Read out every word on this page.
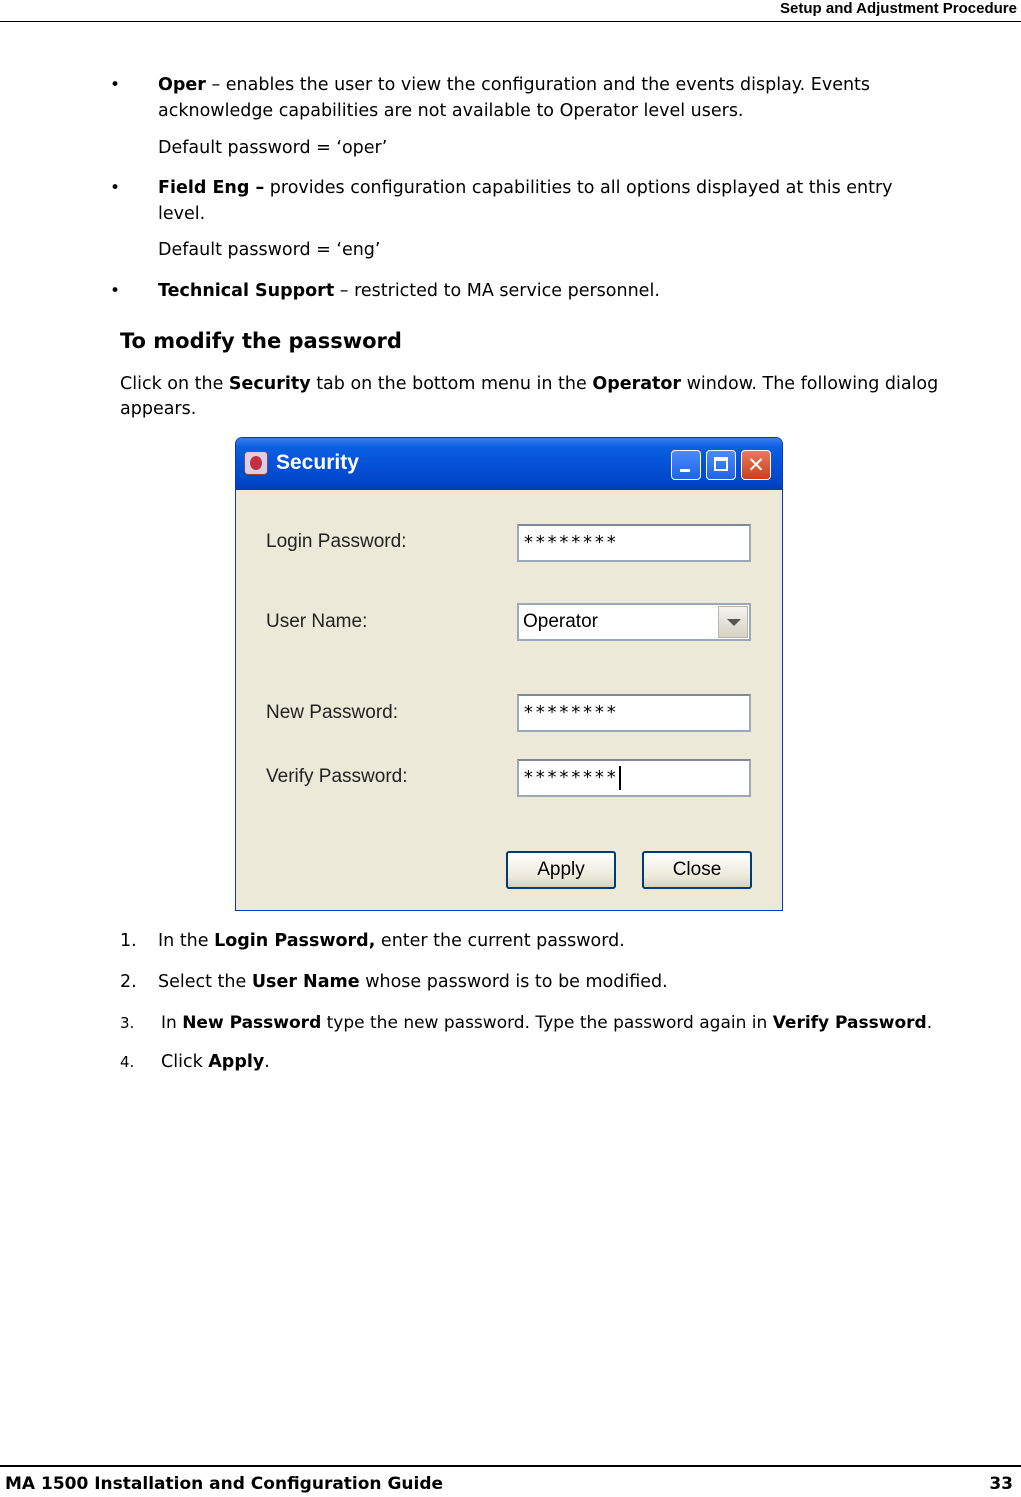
Setup and Adjustment Procedure
• Oper – enables the user to view the configuration and the events display. Events
acknowledge capabilities are not available to Operator level users.
Default password = ‘oper’
• Field Eng – provides configuration capabilities to all options displayed at this entry
level.
Default password = ‘eng’
• Technical Support – restricted to MA service personnel.
To modify the password
Click on the Security tab on the bottom menu in the Operator window. The following dialog appears.
Security	✕
Login Password:	********
User Name:	Operator
New Password:	********
Verify Password:	********
Apply	Close
1. In the Login Password, enter the current password.
2. Select the User Name whose password is to be modified.
3. In New Password type the new password. Type the password again in Verify Password.
4. Click Apply.
MA 1500 Installation and Configuration Guide	33
